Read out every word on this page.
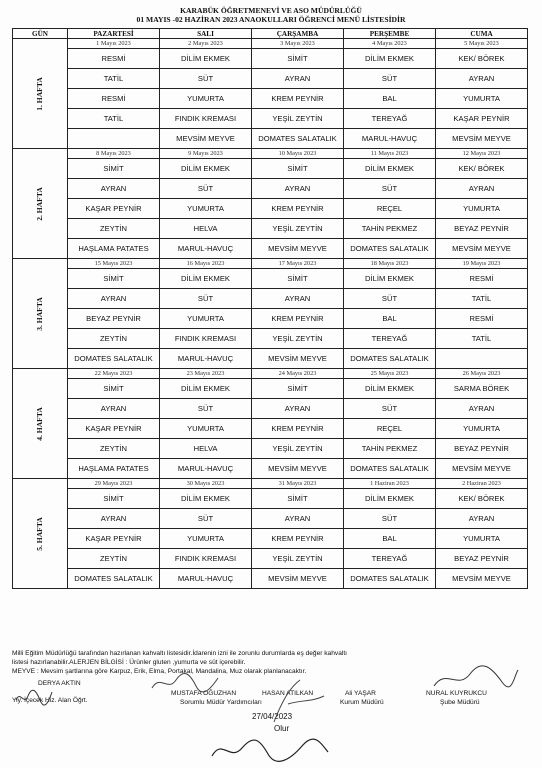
KARABÜK ÖĞRETMENEVİ VE ASO MÜDÜRLÜĞÜ
01 MAYIS -02 HAZİRAN 2023 ANAOKULLARI ÖĞRENCİ MENÜ LİSTESİDİR
GÜN	PAZARTESİ	SALI	ÇARŞAMBA	PERŞEMBE	CUMA
1. HAFTA	1 Mayıs 2023	2 Mayıs 2023	3 Mayıs 2023	4 Mayıs 2023	5 Mayıs 2023
	RESMİ	DİLİM EKMEK	SİMİT	DİLİM EKMEK	KEK/ BÖREK
	TATİL	SÜT	AYRAN	SÜT	AYRAN
	RESMİ	YUMURTA	KREM PEYNİR	BAL	YUMURTA
	TATİL	FINDIK KREMASI	YEŞİL ZEYTİN	TEREYAĞ	KAŞAR PEYNİR
		MEVSİM MEYVE	DOMATES SALATALIK	MARUL-HAVUÇ	MEVSİM MEYVE
2. HAFTA	8 Mayıs 2023	9 Mayıs 2023	10 Mayıs 2023	11 Mayıs 2023	12 Mayıs 2023
	SİMİT	DİLİM EKMEK	SİMİT	DİLİM EKMEK	KEK/ BÖREK
	AYRAN	SÜT	AYRAN	SÜT	AYRAN
	KAŞAR PEYNİR	YUMURTA	KREM PEYNİR	REÇEL	YUMURTA
	ZEYTİN	HELVA	YEŞİL ZEYTİN	TAHİN PEKMEZ	BEYAZ PEYNİR
	HAŞLAMA PATATES	MARUL-HAVUÇ	MEVSİM MEYVE	DOMATES SALATALIK	MEVSİM MEYVE
3. HAFTA	15 Mayıs 2023	16 Mayıs 2023	17 Mayıs 2023	18 Mayıs 2023	19 Mayıs 2023
	SİMİT	DİLİM EKMEK	SİMİT	DİLİM EKMEK	RESMİ
	AYRAN	SÜT	AYRAN	SÜT	TATİL
	BEYAZ PEYNİR	YUMURTA	KREM PEYNİR	BAL	RESMİ
	ZEYTİN	FINDIK KREMASI	YEŞİL ZEYTİN	TEREYAĞ	TATİL
	DOMATES SALATALIK	MARUL-HAVUÇ	MEVSİM MEYVE	DOMATES SALATALIK	
4. HAFTA	22 Mayıs 2023	23 Mayıs 2023	24 Mayıs 2023	25 Mayıs 2023	26 Mayıs 2023
	SİMİT	DİLİM EKMEK	SİMİT	DİLİM EKMEK	SARMA BÖREK
	AYRAN	SÜT	AYRAN	SÜT	AYRAN
	KAŞAR PEYNİR	YUMURTA	KREM PEYNİR	REÇEL	YUMURTA
	ZEYTİN	HELVA	YEŞİL ZEYTİN	TAHİN PEKMEZ	BEYAZ PEYNİR
	HAŞLAMA PATATES	MARUL-HAVUÇ	MEVSİM MEYVE	DOMATES SALATALIK	MEVSİM MEYVE
5. HAFTA	29 Mayıs 2023	30 Mayıs 2023	31 Mayıs 2023	1 Haziran 2023	2 Haziran 2023
	SİMİT	DİLİM EKMEK	SİMİT	DİLİM EKMEK	KEK/ BÖREK
	AYRAN	SÜT	AYRAN	SÜT	AYRAN
	KAŞAR PEYNİR	YUMURTA	KREM PEYNİR	BAL	YUMURTA
	ZEYTİN	FINDIK KREMASI	YEŞİL ZEYTİN	TEREYAĞ	BEYAZ PEYNİR
	DOMATES SALATALIK	MARUL-HAVUÇ	MEVSİM MEYVE	DOMATES SALATALIK	MEVSİM MEYVE
Milli Eğitim Müdürlüğü tarafından hazırlanan kahvaltı listesidir.İdarenin izni ile zorunlu durumlarda eş değer kahvaltı
listesi hazırlanabilir.ALERJEN BİLGİSİ : Ürünler gluten ,yumurta ve süt içerebilir.
MEYVE : Mevsim şartlarına göre Karpuz, Erik, Elma, Portakal, Mandalina, Muz olarak planlanacaktır.
DERYA AKTIN
Yiy. İçecek Hiz. Alan Öğrt.
MUSTAFA OĞUZHAN	HASAN ATILKAN
Sorumlu Müdür Yardımcıları
Ali YAŞAR
Kurum Müdürü
NURAL KUYRUKCU
Şube Müdürü
27/04/2023
Olur
